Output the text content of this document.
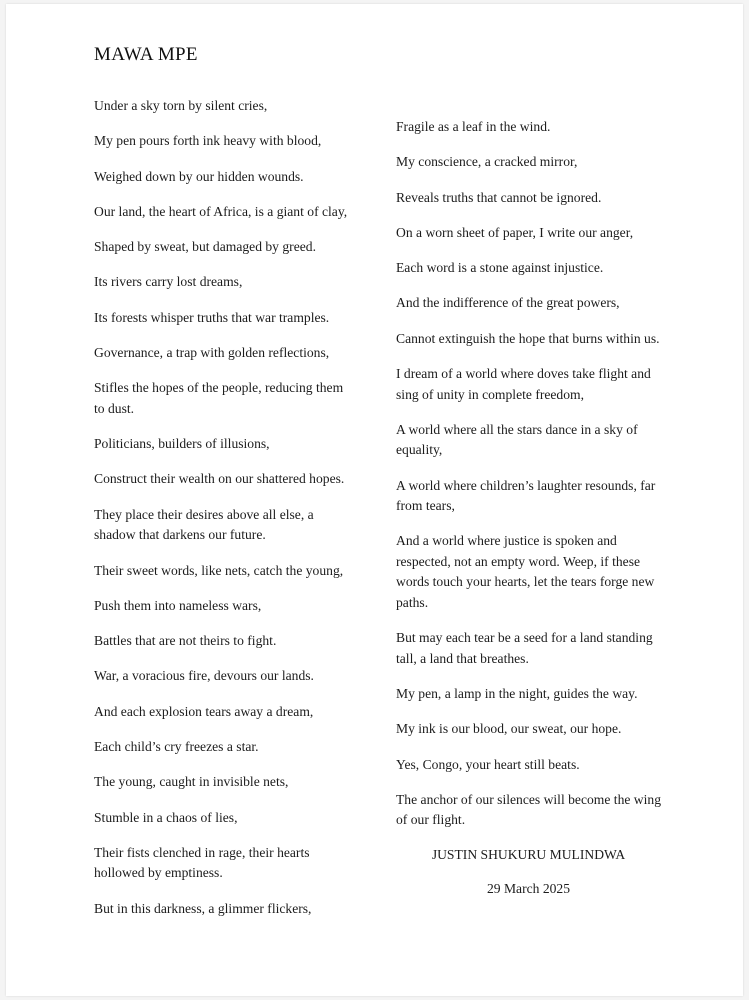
MAWA MPE

Under a sky torn by silent cries,

My pen pours forth ink heavy with blood,

Weighed down by our hidden wounds.

Our land, the heart of Africa, is a giant of clay,

Shaped by sweat, but damaged by greed.

Its rivers carry lost dreams,

Its forests whisper truths that war tramples.

Governance, a trap with golden reflections,

Stifles the hopes of the people, reducing them to dust.

Politicians, builders of illusions,

Construct their wealth on our shattered hopes.

They place their desires above all else, a shadow that darkens our future.

Their sweet words, like nets, catch the young,

Push them into nameless wars,

Battles that are not theirs to fight.

War, a voracious fire, devours our lands.

And each explosion tears away a dream,

Each child’s cry freezes a star.

The young, caught in invisible nets,

Stumble in a chaos of lies,

Their fists clenched in rage, their hearts hollowed by emptiness.

But in this darkness, a glimmer flickers,

Fragile as a leaf in the wind.

My conscience, a cracked mirror,

Reveals truths that cannot be ignored.

On a worn sheet of paper, I write our anger,

Each word is a stone against injustice.

And the indifference of the great powers,

Cannot extinguish the hope that burns within us.

I dream of a world where doves take flight and sing of unity in complete freedom,

A world where all the stars dance in a sky of equality,

A world where children’s laughter resounds, far from tears,

And a world where justice is spoken and respected, not an empty word. Weep, if these words touch your hearts, let the tears forge new paths.

But may each tear be a seed for a land standing tall, a land that breathes.

My pen, a lamp in the night, guides the way.

My ink is our blood, our sweat, our hope.

Yes, Congo, your heart still beats.

The anchor of our silences will become the wing of our flight.

JUSTIN SHUKURU MULINDWA

29 March 2025
